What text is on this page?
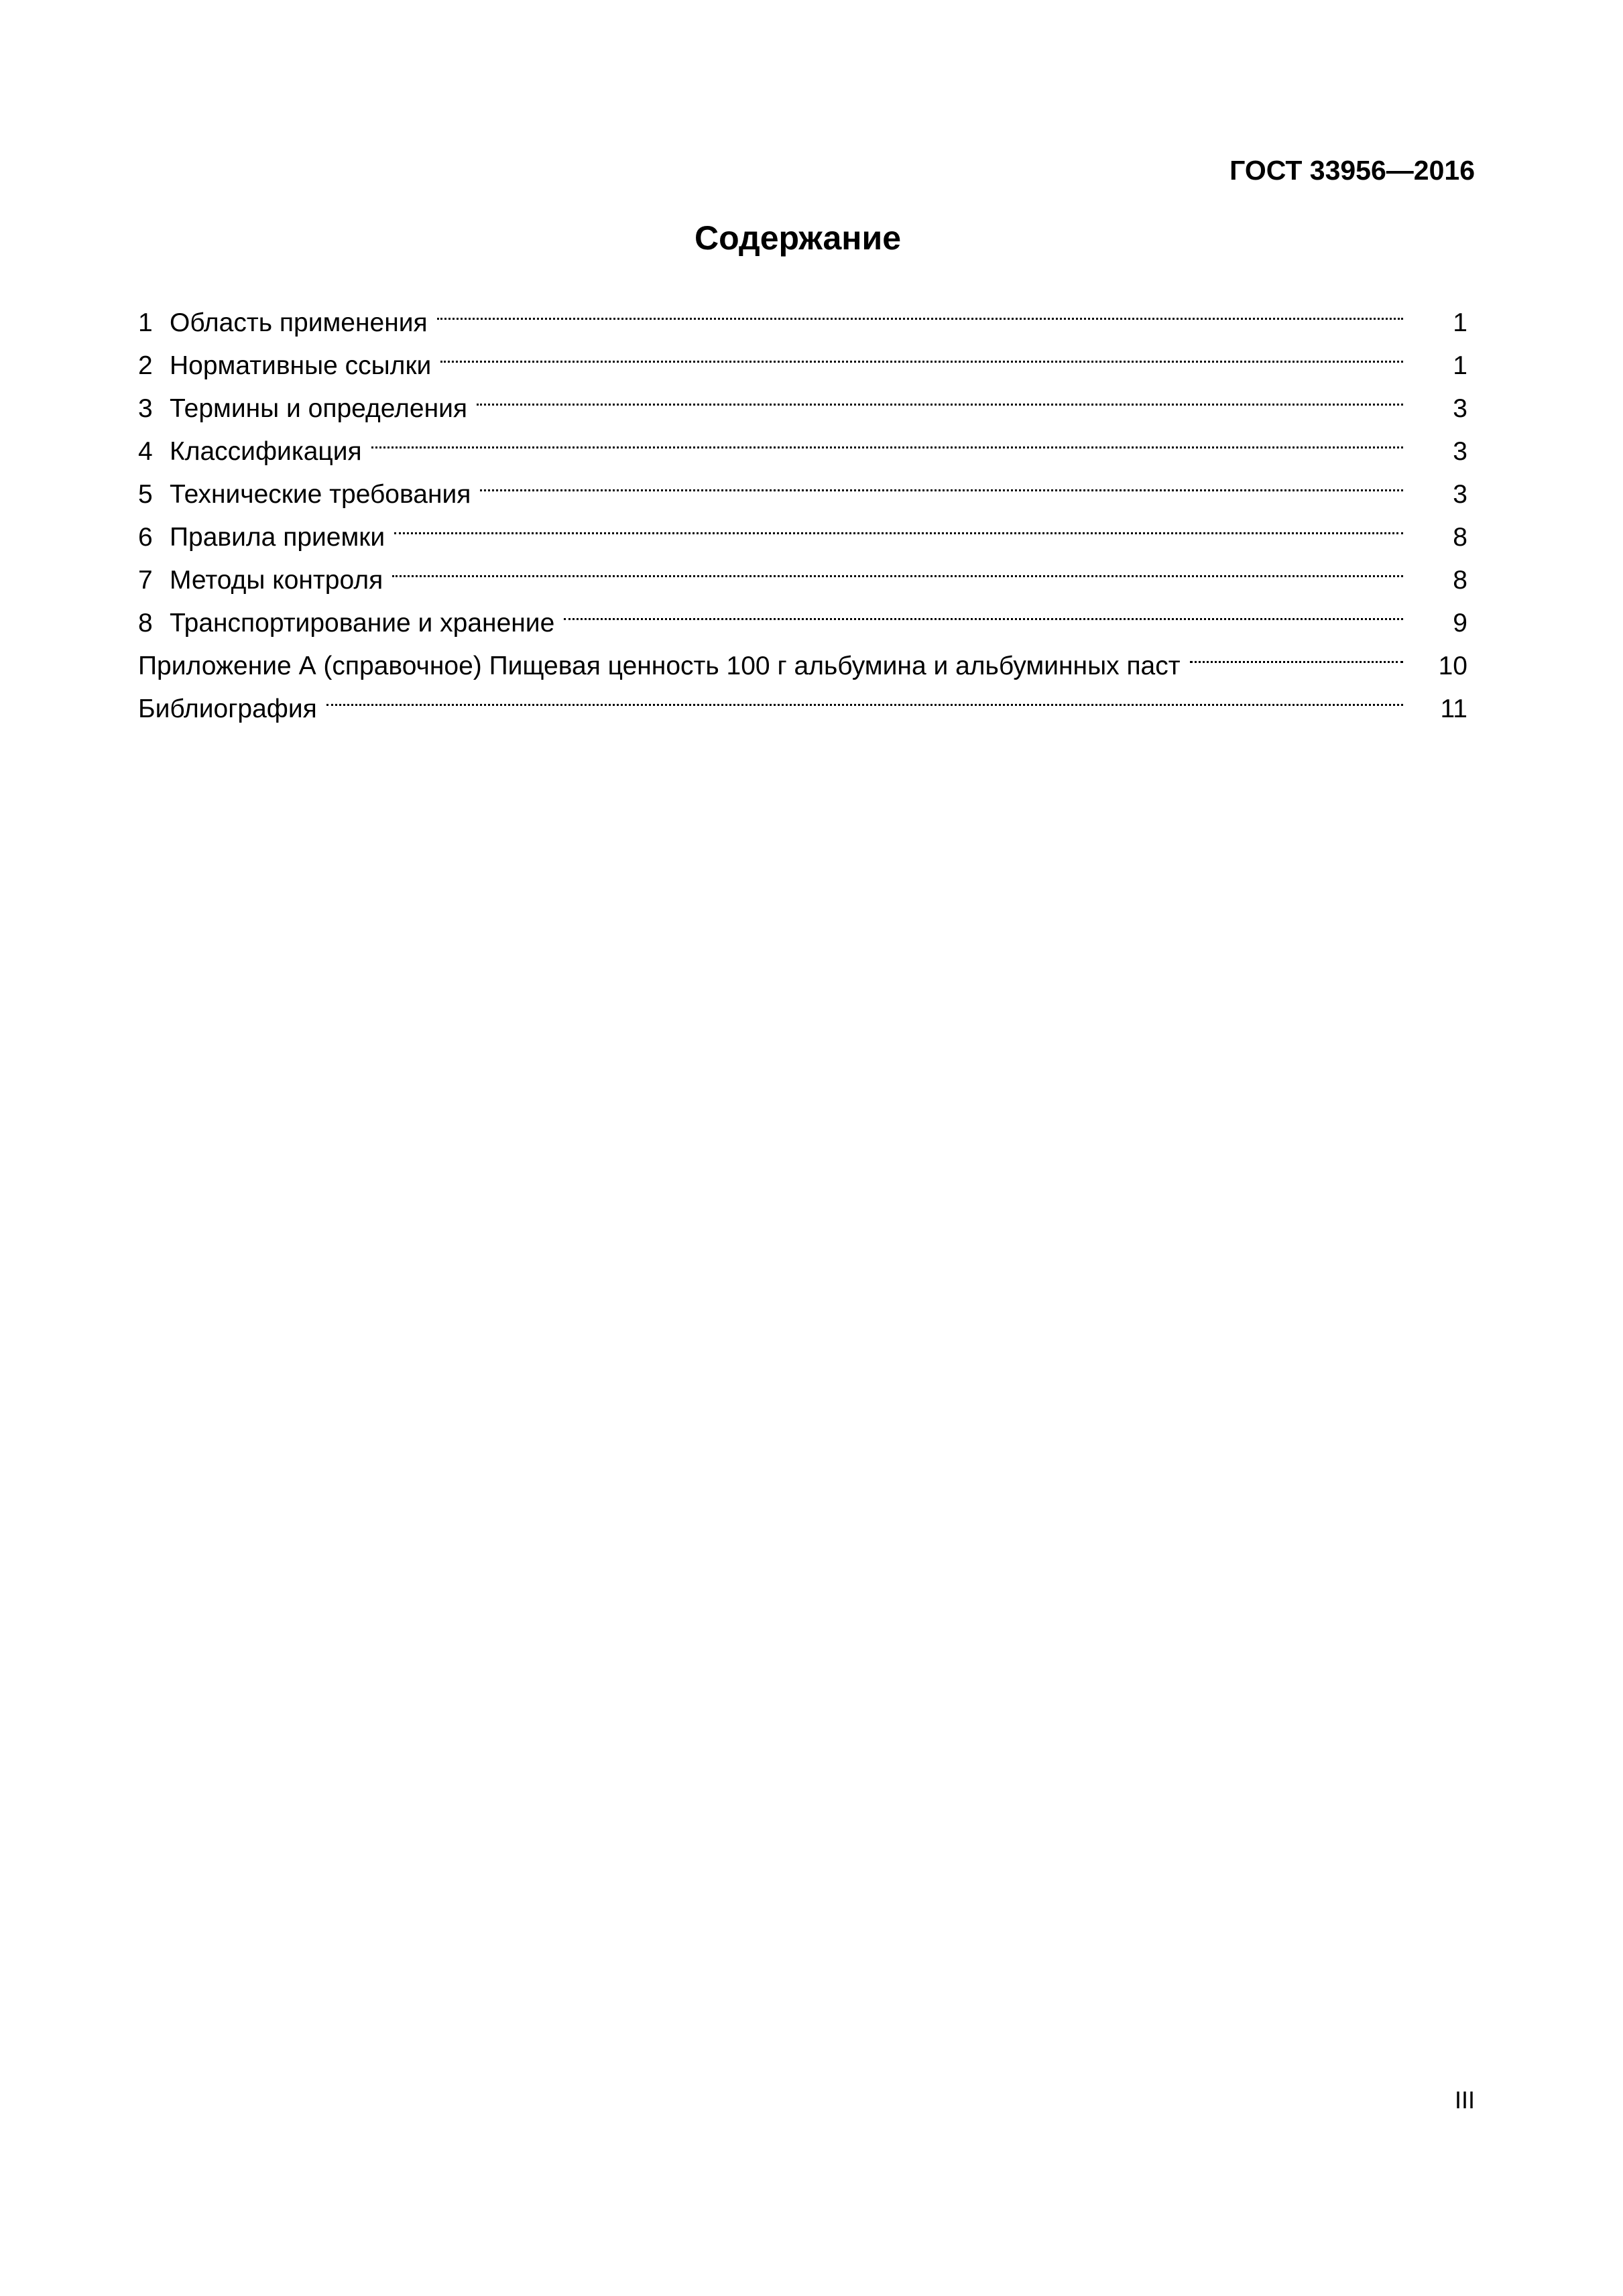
ГОСТ 33956—2016
Содержание
1 Область применения	1
2 Нормативные ссылки	1
3 Термины и определения	3
4 Классификация	3
5 Технические требования	3
6 Правила приемки	8
7 Методы контроля	8
8 Транспортирование и хранение	9
Приложение А (справочное) Пищевая ценность 100 г альбумина и альбуминных паст	10
Библиография	11
III
